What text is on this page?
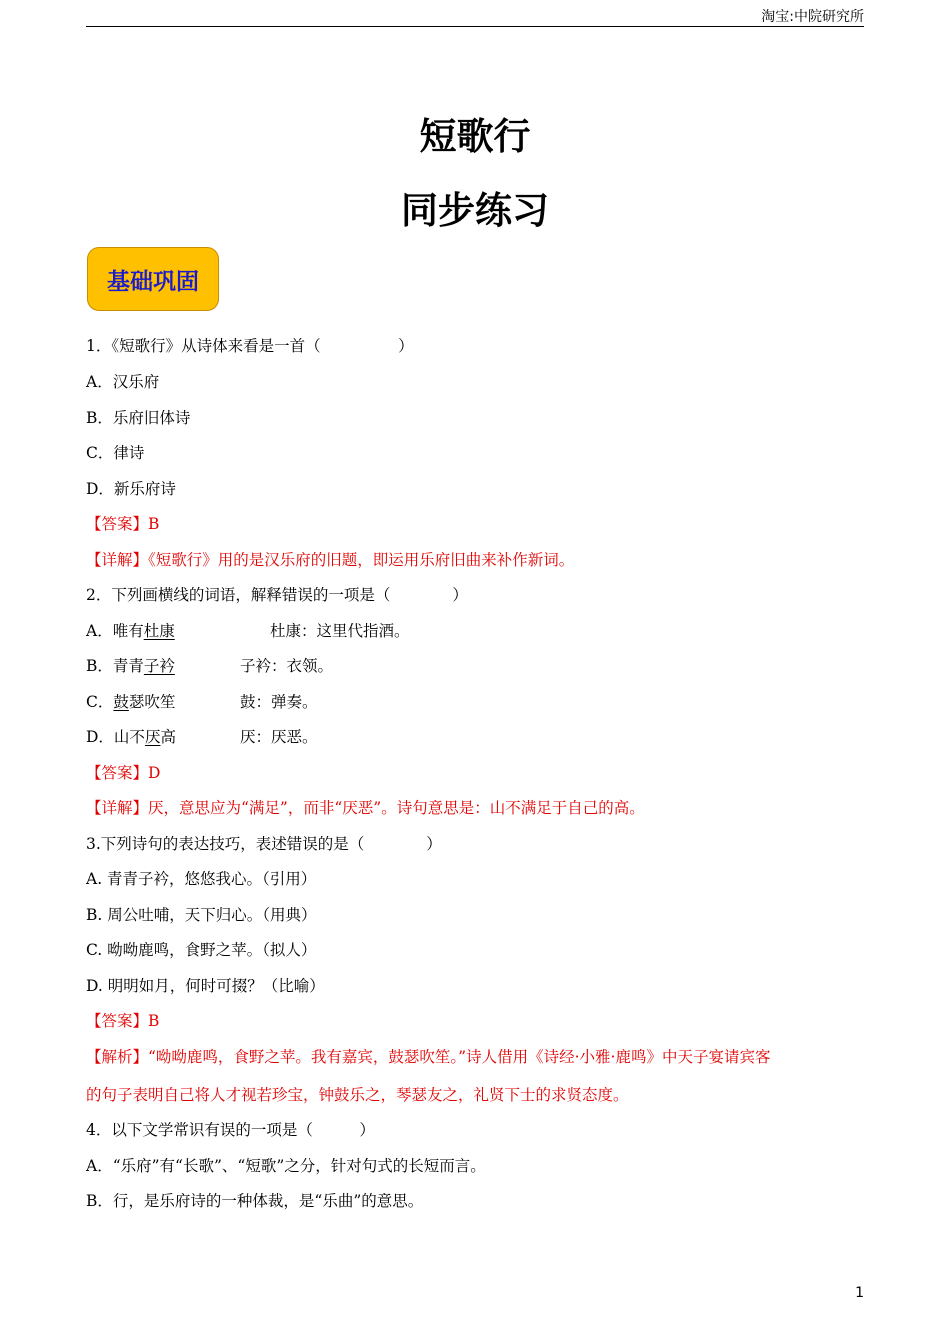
淘宝:中院研究所
短歌行
同步练习
基础巩固
1．《短歌行》从诗体来看是一首（　　　　　）
A．汉乐府
B．乐府旧体诗
C．律诗
D．新乐府诗
【答案】B
【详解】《短歌行》用的是汉乐府的旧题，即运用乐府旧曲来补作新词。
2．下列画横线的词语，解释错误的一项是（　　　　）
A．唯有杜康	杜康：这里代指酒。
B．青青子衿	子衿：衣领。
C．鼓瑟吹笙	鼓：弹奏。
D．山不厌高	厌：厌恶。
【答案】D
【详解】厌，意思应为“满足”，而非“厌恶”。诗句意思是：山不满足于自己的高。
3.下列诗句的表达技巧，表述错误的是（　　　　）
A. 青青子衿，悠悠我心。（引用）
B. 周公吐哺，天下归心。（用典）
C. 呦呦鹿鸣，食野之苹。（拟人）
D. 明明如月，何时可掇？（比喻）
【答案】B
【解析】“呦呦鹿鸣，食野之苹。我有嘉宾，鼓瑟吹笙。”诗人借用《诗经·小雅·鹿鸣》中天子宴请宾客
的句子表明自己将人才视若珍宝，钟鼓乐之，琴瑟友之，礼贤下士的求贤态度。
4．以下文学常识有误的一项是（　　　）
A．“乐府”有“长歌”、“短歌”之分，针对句式的长短而言。
B．行，是乐府诗的一种体裁，是“乐曲”的意思。
1
